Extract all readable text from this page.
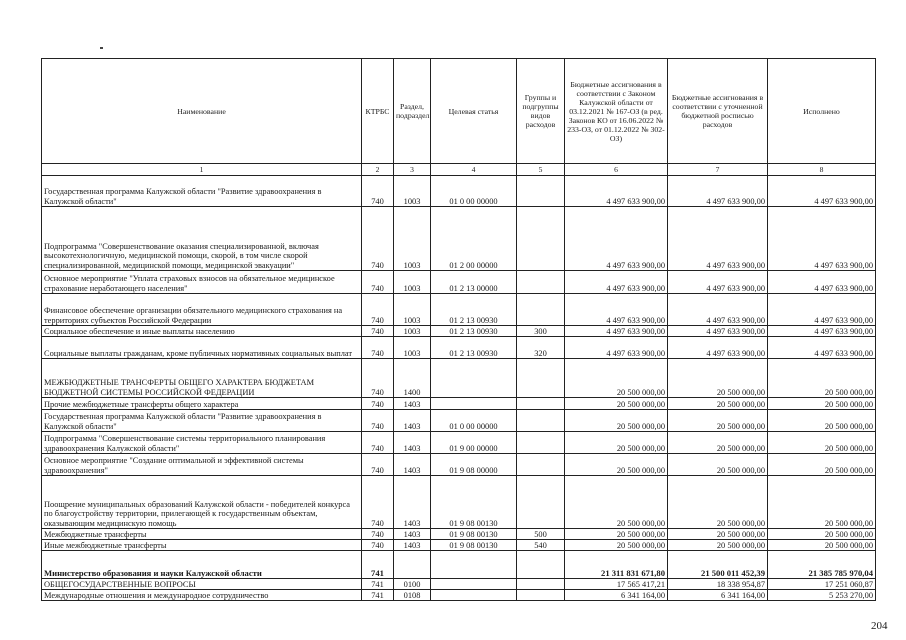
Наименование	КТРБС	Раздел, подраздел	Целевая статья	Группы и подгруппы видов расходов	Бюджетные ассигнования в соответствии с Законом Калужской области от 03.12.2021 № 167-ОЗ (в ред. Законов КО от 16.06.2022 № 233-ОЗ, от 01.12.2022 № 302-ОЗ)	Бюджетные ассигнования в соответствии с уточненной бюджетной росписью расходов	Исполнено
1	2	3	4	5	6	7	8
Государственная программа Калужской области "Развитие здравоохранения в Калужской области"	740	1003	01 0 00 00000		4 497 633 900,00	4 497 633 900,00	4 497 633 900,00
Подпрограмма "Совершенствование оказания специализированной, включая высокотехнологичную, медицинской помощи, скорой, в том числе скорой специализированной, медицинской помощи, медицинской эвакуации"	740	1003	01 2 00 00000		4 497 633 900,00	4 497 633 900,00	4 497 633 900,00
Основное мероприятие "Уплата страховых взносов на обязательное медицинское страхование неработающего населения"	740	1003	01 2 13 00000		4 497 633 900,00	4 497 633 900,00	4 497 633 900,00
Финансовое обеспечение организации обязательного медицинского страхования на территориях субъектов Российской Федерации	740	1003	01 2 13 00930		4 497 633 900,00	4 497 633 900,00	4 497 633 900,00
Социальное обеспечение и иные выплаты населению	740	1003	01 2 13 00930	300	4 497 633 900,00	4 497 633 900,00	4 497 633 900,00
Социальные выплаты гражданам, кроме публичных нормативных социальных выплат	740	1003	01 2 13 00930	320	4 497 633 900,00	4 497 633 900,00	4 497 633 900,00
МЕЖБЮДЖЕТНЫЕ ТРАНСФЕРТЫ ОБЩЕГО ХАРАКТЕРА БЮДЖЕТАМ БЮДЖЕТНОЙ СИСТЕМЫ РОССИЙСКОЙ ФЕДЕРАЦИИ	740	1400			20 500 000,00	20 500 000,00	20 500 000,00
Прочие межбюджетные трансферты общего характера	740	1403			20 500 000,00	20 500 000,00	20 500 000,00
Государственная программа Калужской области "Развитие здравоохранения в Калужской области"	740	1403	01 0 00 00000		20 500 000,00	20 500 000,00	20 500 000,00
Подпрограмма "Совершенствование системы территориального планирования здравоохранения Калужской области"	740	1403	01 9 00 00000		20 500 000,00	20 500 000,00	20 500 000,00
Основное мероприятие "Создание оптимальной и эффективной системы здравоохранения"	740	1403	01 9 08 00000		20 500 000,00	20 500 000,00	20 500 000,00
Поощрение муниципальных образований Калужской области - победителей конкурса по благоустройству территории, прилегающей к государственным объектам, оказывающим медицинскую помощь	740	1403	01 9 08 00130		20 500 000,00	20 500 000,00	20 500 000,00
Межбюджетные трансферты	740	1403	01 9 08 00130	500	20 500 000,00	20 500 000,00	20 500 000,00
Иные межбюджетные трансферты	740	1403	01 9 08 00130	540	20 500 000,00	20 500 000,00	20 500 000,00
Министерство образования и науки Калужской области	741				21 311 831 671,80	21 500 011 452,39	21 385 785 970,04
ОБЩЕГОСУДАРСТВЕННЫЕ ВОПРОСЫ	741	0100			17 565 417,21	18 338 954,87	17 251 060,87
Международные отношения и международное сотрудничество	741	0108			6 341 164,00	6 341 164,00	5 253 270,00
204
